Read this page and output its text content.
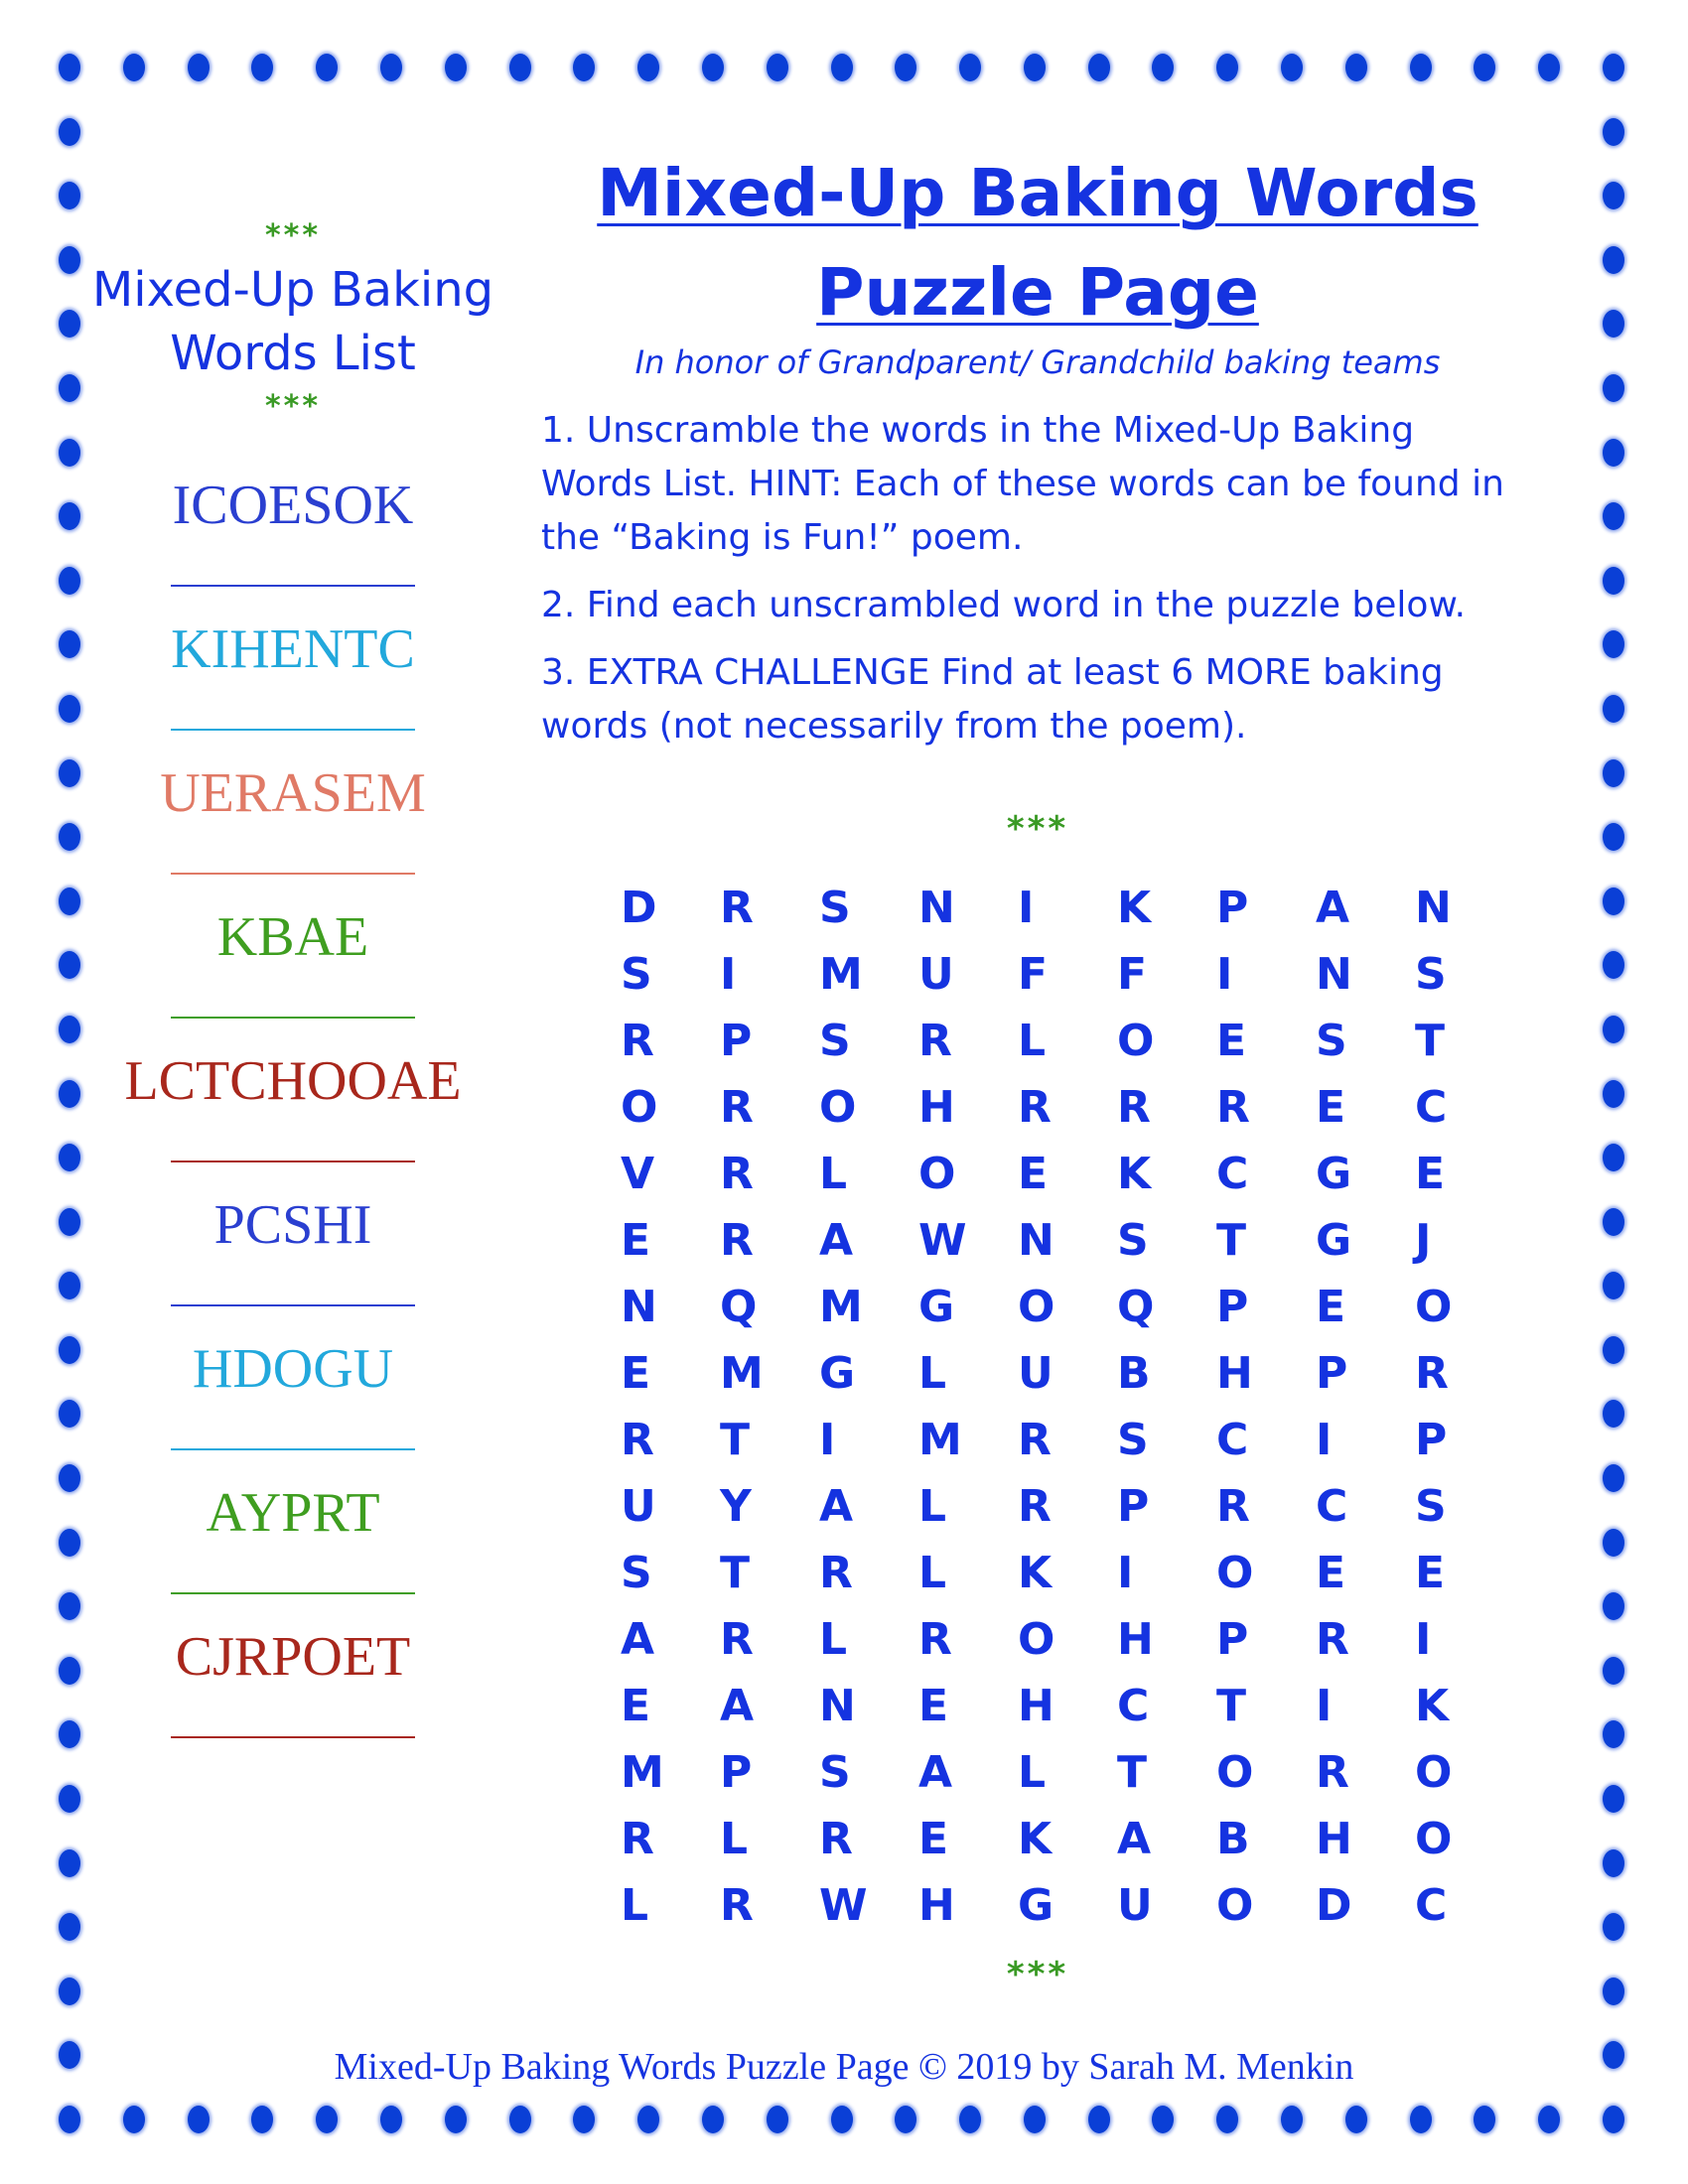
***
Mixed-Up Baking Words List
***
ICOESOK
KIHENTC
UERASEM
KBAE
LCTCHOOAE
PCSHI
HDOGU
AYPRT
CJRPOET
Mixed-Up Baking Words
Puzzle Page

In honor of Grandparent/ Grandchild baking teams

1. Unscramble the words in the Mixed-Up Baking Words List. HINT: Each of these words can be found in the “Baking is Fun!” poem.

2. Find each unscrambled word in the puzzle below.

3. EXTRA CHALLENGE Find at least 6 MORE baking words (not necessarily from the poem).

***
D	R	S	N	I	K	P	A	N
S	I	M	U	F	F	I	N	S
R	P	S	R	L	O	E	S	T
O	R	O	H	R	R	R	E	C
V	R	L	O	E	K	C	G	E
E	R	A	W	N	S	T	G	J
N	Q	M	G	O	Q	P	E	O
E	M	G	L	U	B	H	P	R
R	T	I	M	R	S	C	I	P
U	Y	A	L	R	P	R	C	S
S	T	R	L	K	I	O	E	E
A	R	L	R	O	H	P	R	I
E	A	N	E	H	C	T	I	K
M	P	S	A	L	T	O	R	O
R	L	R	E	K	A	B	H	O
L	R	W	H	G	U	O	D	C
***
Mixed-Up Baking Words Puzzle Page © 2019 by Sarah M. Menkin
